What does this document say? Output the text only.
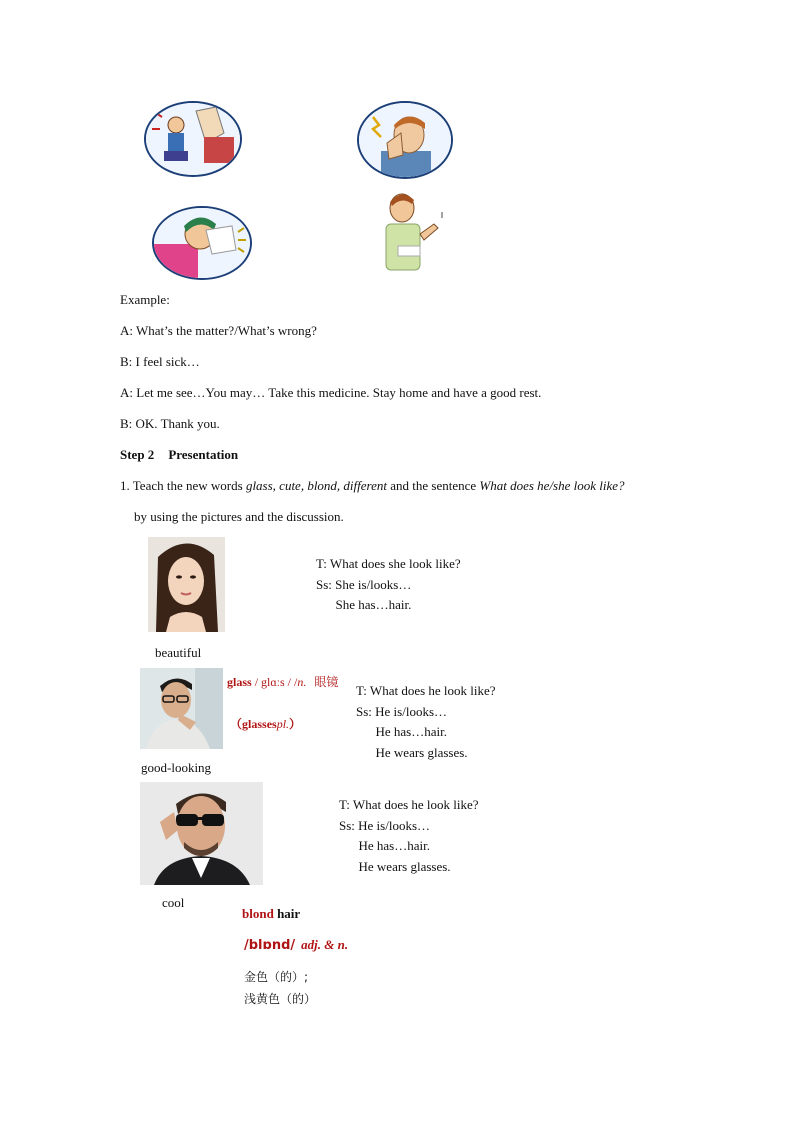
Example:
A: What’s the matter?/What’s wrong?
B: I feel sick…
A: Let me see…You may… Take this medicine. Stay home and have a good rest.
B: OK. Thank you.
Step 2 Presentation
1. Teach the new words glass, cute, blond, different and the sentence What does he/she look like?
by using the pictures and the discussion.
beautiful
T: What does she look like?
Ss: She is/looks…
She has…hair.
good-looking
glass / glɑːs / /n. 眼镜
（glassespl.）
T: What does he look like?
Ss: He is/looks…
He has…hair.
He wears glasses.
cool
T: What does he look like?
Ss: He is/looks…
He has…hair.
He wears glasses.
blond hair
/blɒnd/ adj. & n.
金色（的）;
浅黄色（的）
